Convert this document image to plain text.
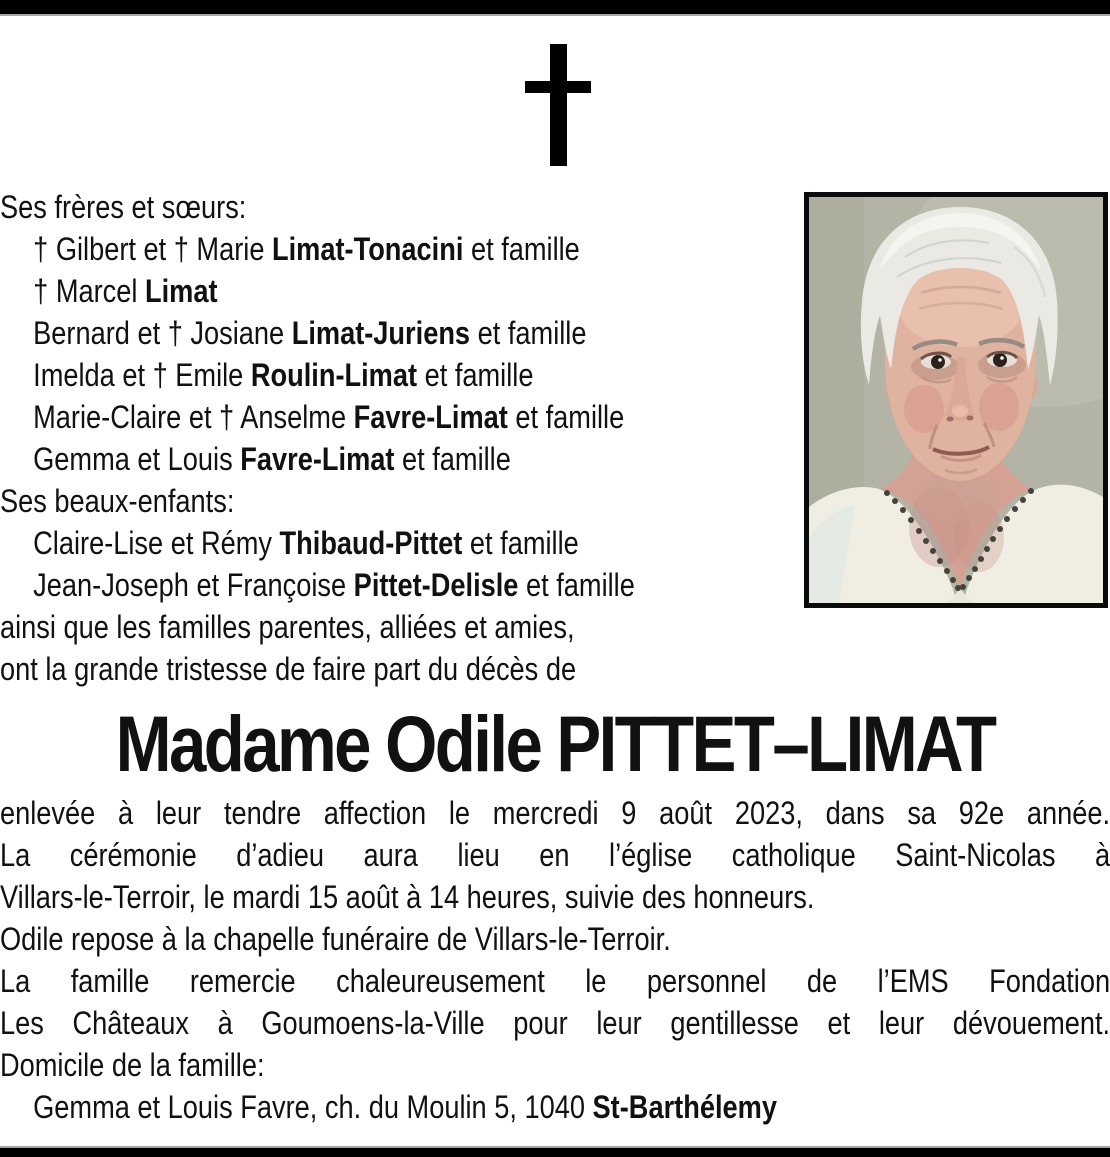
Ses frères et sœurs:
† Gilbert et † Marie Limat-Tonacini et famille
† Marcel Limat
Bernard et † Josiane Limat-Juriens et famille
Imelda et † Emile Roulin-Limat et famille
Marie-Claire et † Anselme Favre-Limat et famille
Gemma et Louis Favre-Limat et famille
Ses beaux-enfants:
Claire-Lise et Rémy Thibaud-Pittet et famille
Jean-Joseph et Françoise Pittet-Delisle et famille
ainsi que les familles parentes, alliées et amies,
ont la grande tristesse de faire part du décès de
Madame Odile PITTET–LIMAT
enlevée à leur tendre affection le mercredi 9 août 2023, dans sa 92e année.
La cérémonie d’adieu aura lieu en l’église catholique Saint-Nicolas à
Villars-le-Terroir, le mardi 15 août à 14 heures, suivie des honneurs.
Odile repose à la chapelle funéraire de Villars-le-Terroir.
La famille remercie chaleureusement le personnel de l’EMS Fondation
Les Châteaux à Goumoens-la-Ville pour leur gentillesse et leur dévouement.
Domicile de la famille:
Gemma et Louis Favre, ch. du Moulin 5, 1040 St-Barthélemy
